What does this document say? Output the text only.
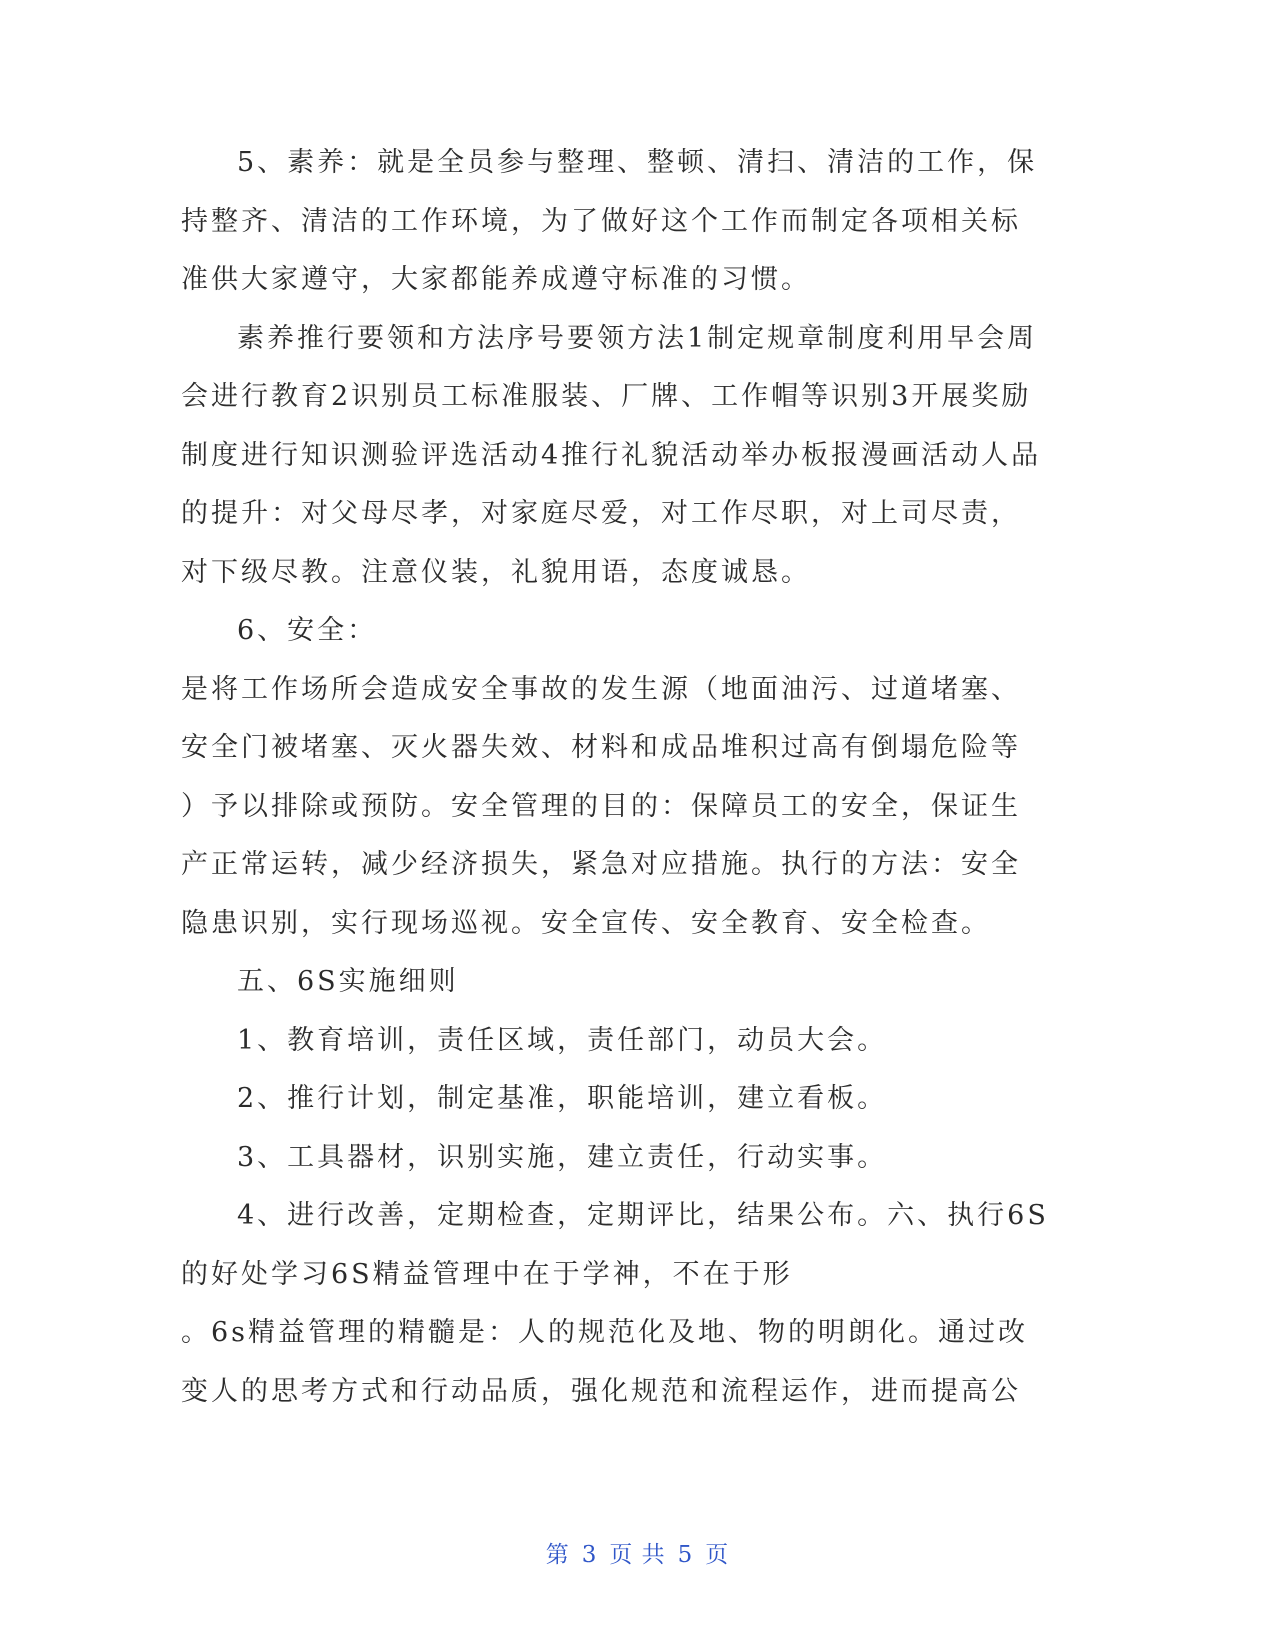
5、素养：就是全员参与整理、整顿、清扫、清洁的工作，保
持整齐、清洁的工作环境，为了做好这个工作而制定各项相关标
准供大家遵守，大家都能养成遵守标准的习惯。
素养推行要领和方法序号要领方法1制定规章制度利用早会周
会进行教育2识别员工标准服装、厂牌、工作帽等识别3开展奖励
制度进行知识测验评选活动4推行礼貌活动举办板报漫画活动人品
的提升：对父母尽孝，对家庭尽爱，对工作尽职，对上司尽责，
对下级尽教。注意仪装，礼貌用语，态度诚恳。
6、安全：
是将工作场所会造成安全事故的发生源（地面油污、过道堵塞、
安全门被堵塞、灭火器失效、材料和成品堆积过高有倒塌危险等
）予以排除或预防。安全管理的目的：保障员工的安全，保证生
产正常运转，减少经济损失，紧急对应措施。执行的方法：安全
隐患识别，实行现场巡视。安全宣传、安全教育、安全检查。
五、6S实施细则
1、教育培训，责任区域，责任部门，动员大会。
2、推行计划，制定基准，职能培训，建立看板。
3、工具器材，识别实施，建立责任，行动实事。
4、进行改善，定期检查，定期评比，结果公布。六、执行6S
的好处学习6S精益管理中在于学神，不在于形
。6s精益管理的精髓是：人的规范化及地、物的明朗化。通过改
变人的思考方式和行动品质，强化规范和流程运作，进而提高公
第 3 页 共 5 页
